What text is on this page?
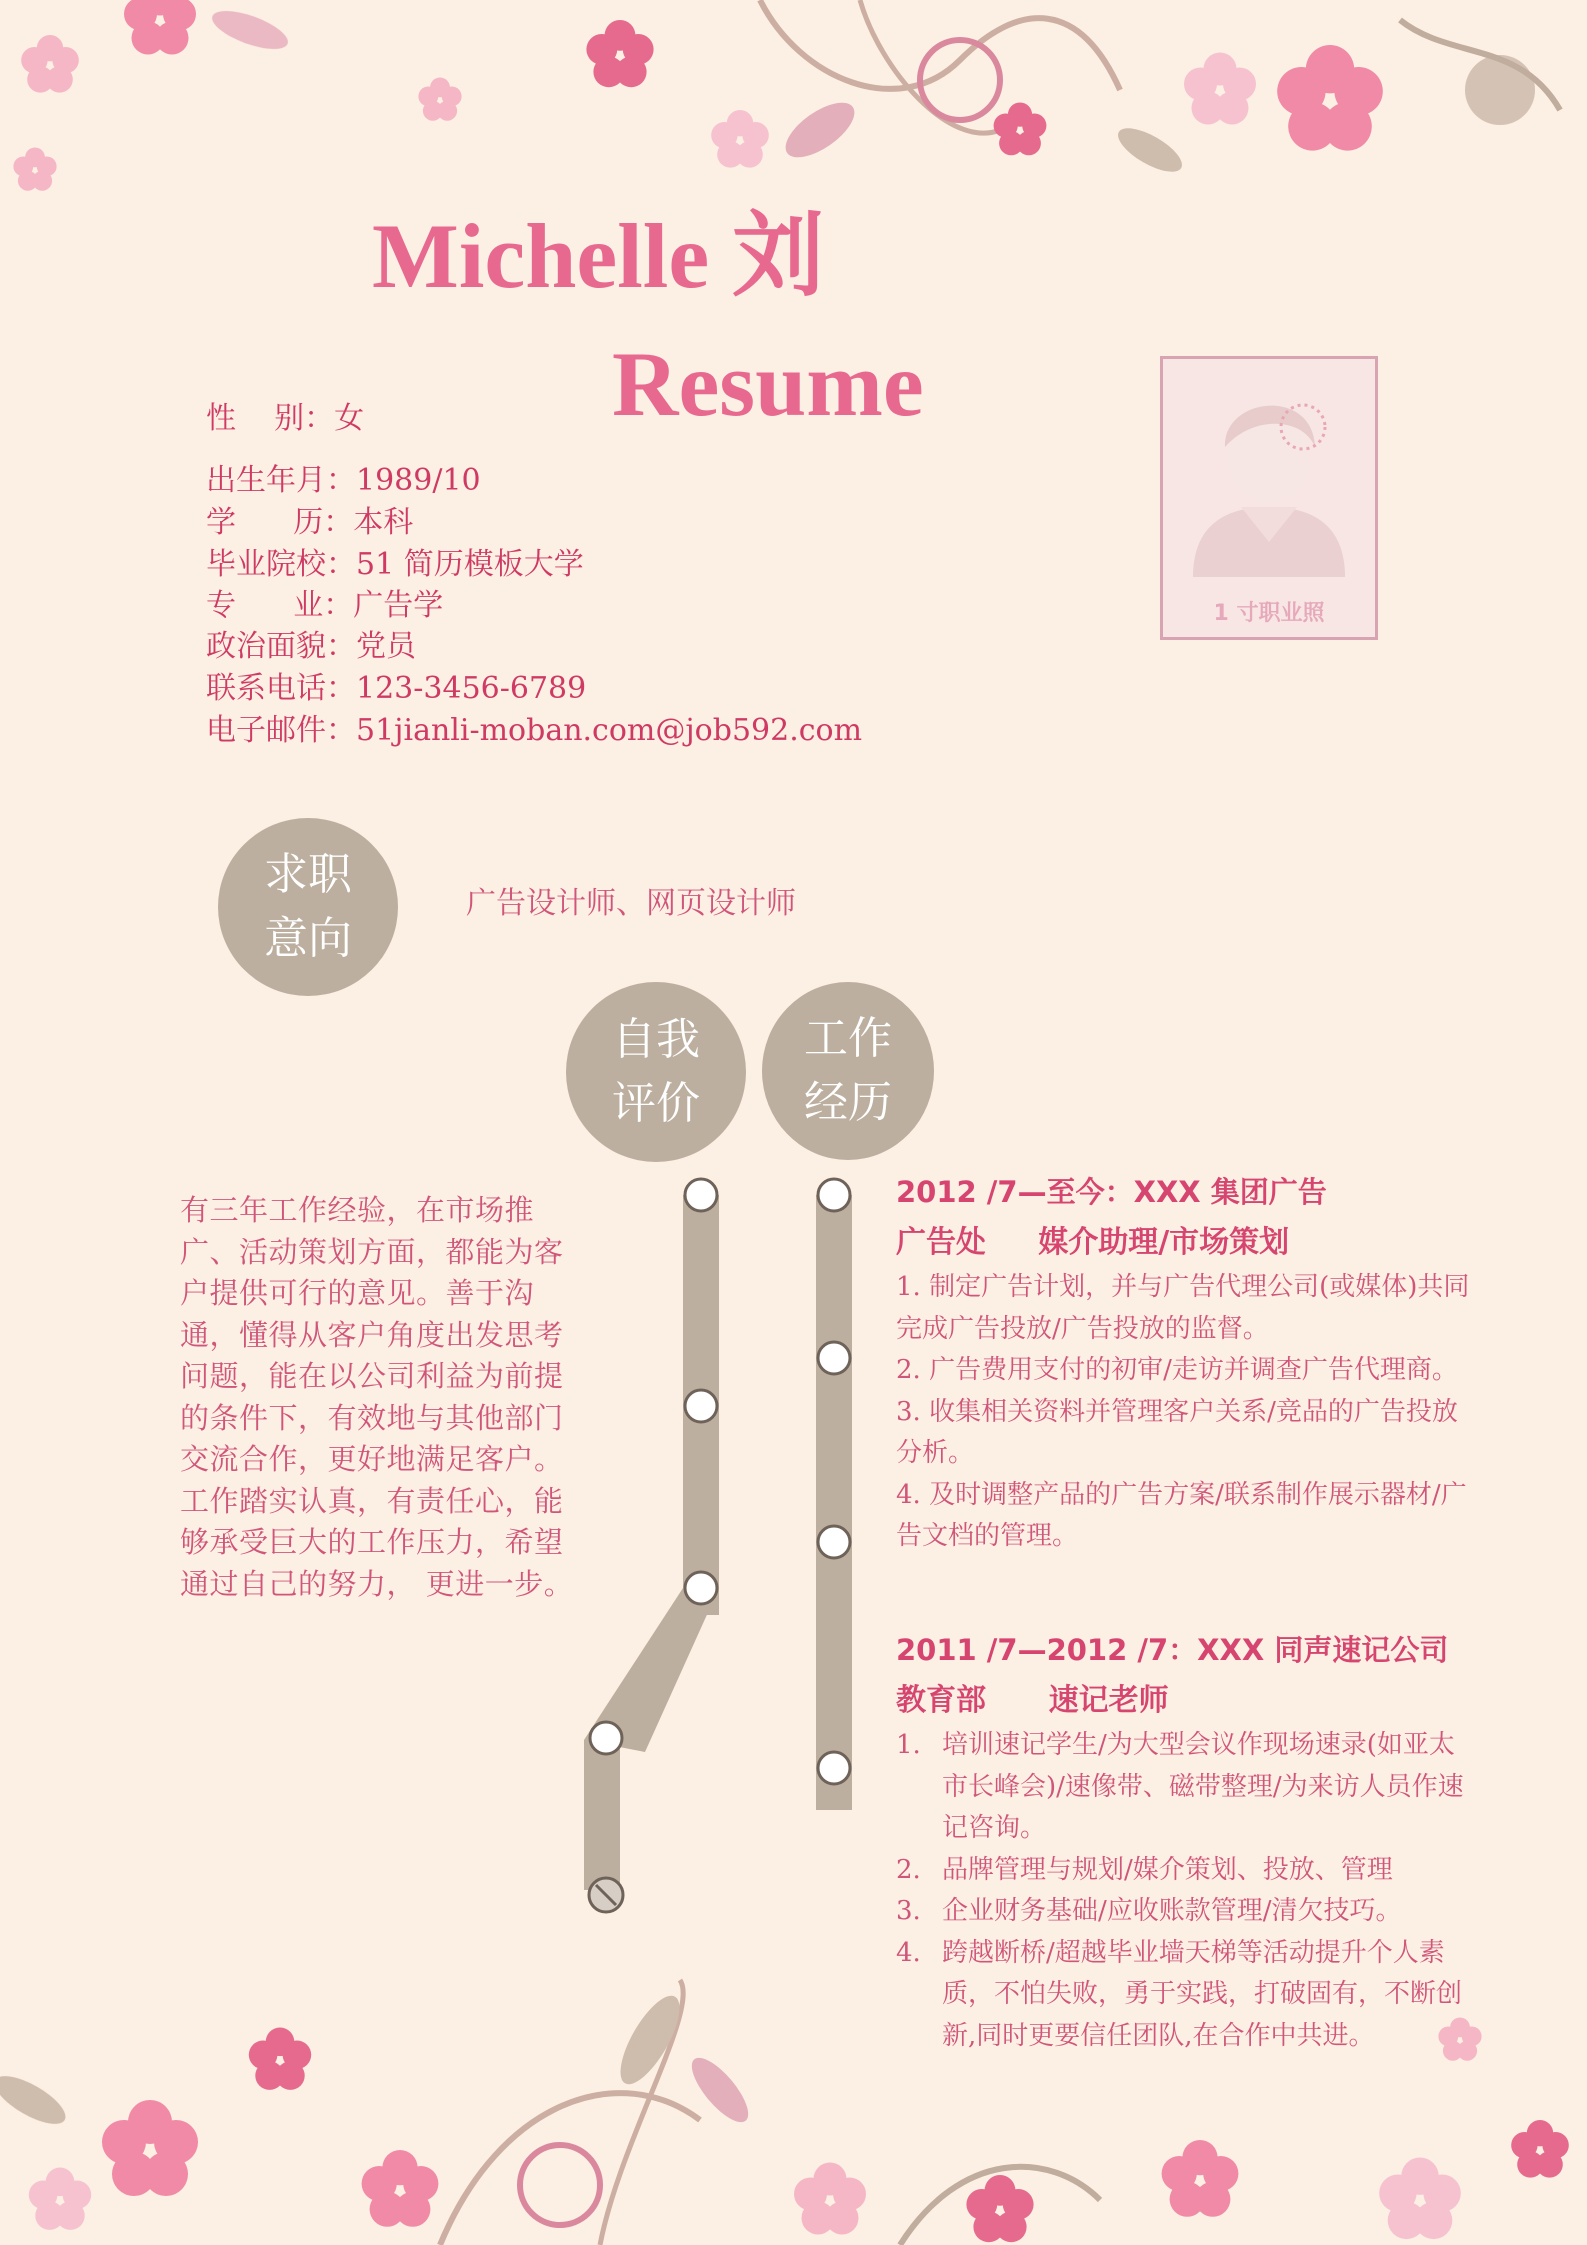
Michelle 刘
Resume
性    别：女
出生年月：1989/10
学      历：本科
毕业院校：51 简历模板大学
专      业：广告学
政治面貌：党员
联系电话：123-3456-6789
电子邮件：51jianli-moban.com@job592.com
1 寸职业照
求职
意向
广告设计师、网页设计师
自我
评价
工作
经历
有三年工作经验，在市场推广、活动策划方面，都能为客户提供可行的意见。善于沟通，懂得从客户角度出发思考问题，能在以公司利益为前提的条件下，有效地与其他部门交流合作，更好地满足客户。工作踏实认真，有责任心，能够承受巨大的工作压力，希望通过自己的努力， 更进一步。
2012 /7—至今：XXX 集团广告
广告处     媒介助理/市场策划
1. 制定广告计划，并与广告代理公司(或媒体)共同完成广告投放/广告投放的监督。
2. 广告费用支付的初审/走访并调查广告代理商。
3. 收集相关资料并管理客户关系/竞品的广告投放分析。
4. 及时调整产品的广告方案/联系制作展示器材/广告文档的管理。
2011 /7—2012 /7：XXX 同声速记公司
教育部      速记老师
1. 培训速记学生/为大型会议作现场速录(如亚太市长峰会)/速像带、磁带整理/为来访人员作速记咨询。
2. 品牌管理与规划/媒介策划、投放、管理
3. 企业财务基础/应收账款管理/清欠技巧。
4. 跨越断桥/超越毕业墙天梯等活动提升个人素质，不怕失败，勇于实践，打破固有，不断创新,同时更要信任团队,在合作中共进。
